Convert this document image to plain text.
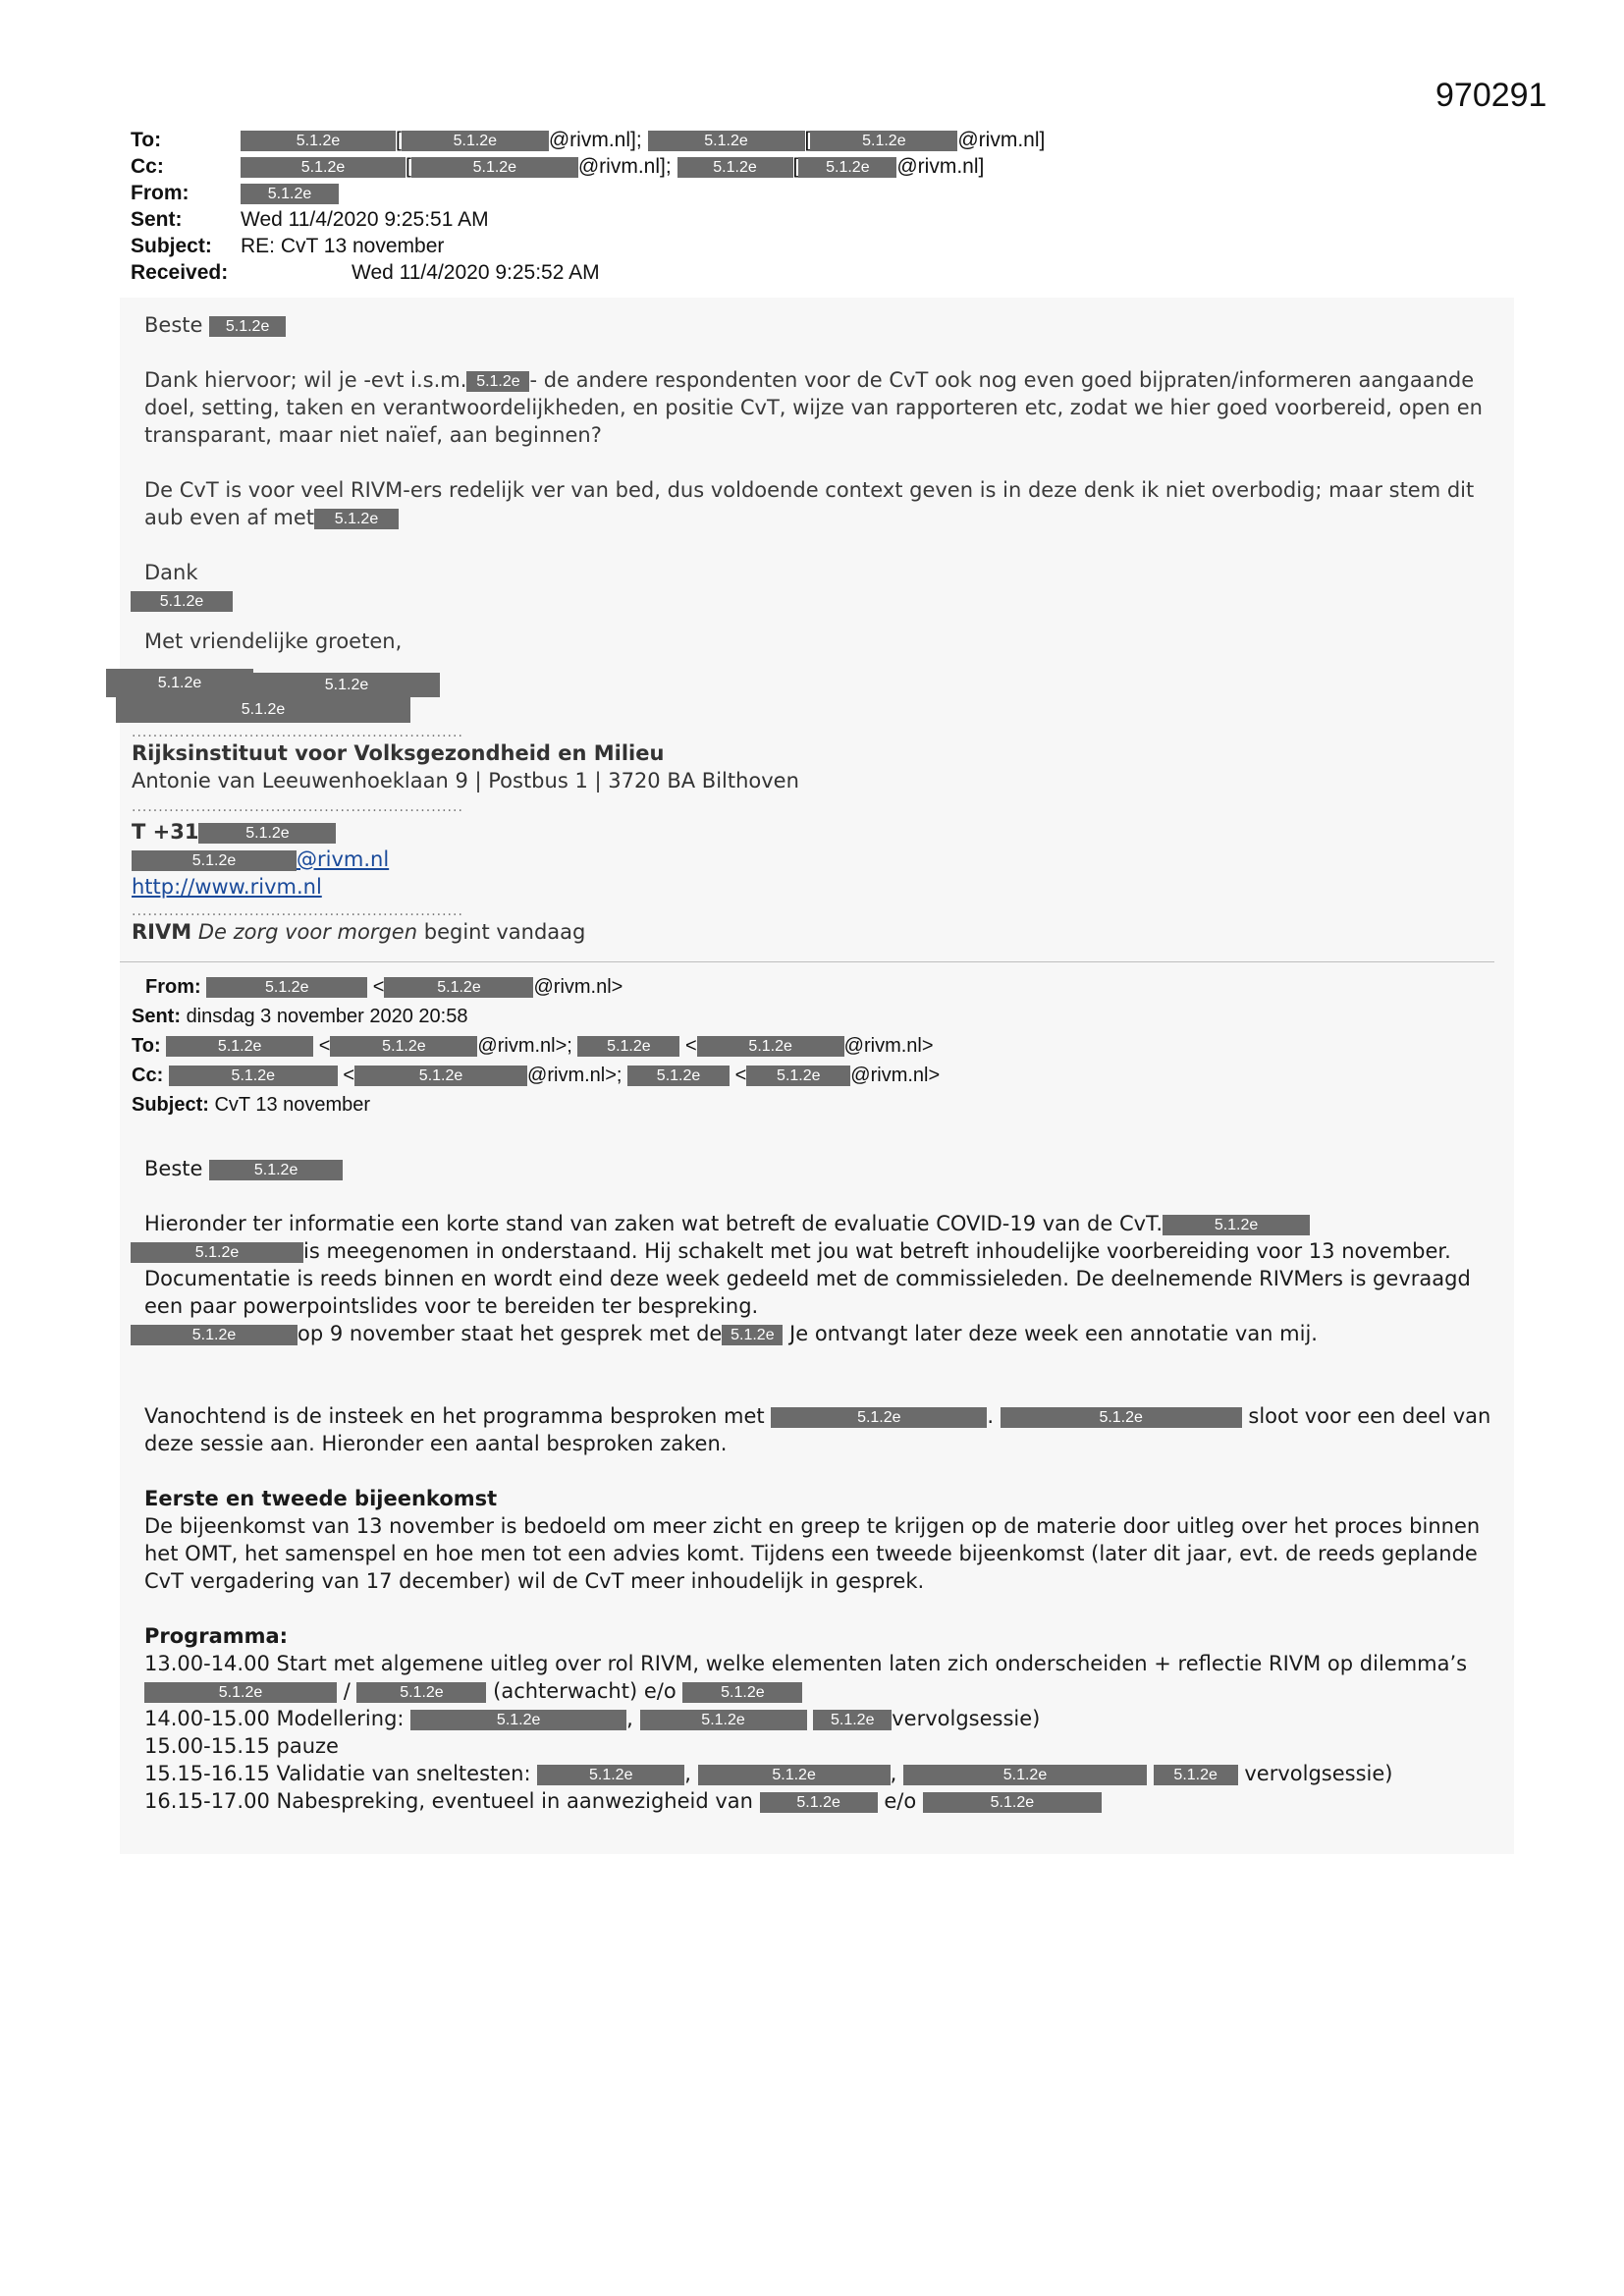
970291
To:	5.1.2e	[	5.1.2e	@rivm.nl];	5.1.2e	[	5.1.2e	@rivm.nl]
Cc:	5.1.2e	[	5.1.2e	@rivm.nl];	5.1.2e [ 5.1.2e @rivm.nl]
From:	5.1.2e
Sent:	Wed 11/4/2020 9:25:51 AM
Subject: RE: CvT 13 november
Received:	Wed 11/4/2020 9:25:52 AM

Beste 5.1.2e

Dank hiervoor; wil je -evt i.s.m. 5.1.2e - de andere respondenten voor de CvT ook nog even goed bijpraten/informeren aangaande doel, setting, taken en verantwoordelijkheden, en positie CvT, wijze van rapporteren etc, zodat we hier goed voorbereid, open en transparant, maar niet naïef, aan beginnen?

De CvT is voor veel RIVM-ers redelijk ver van bed, dus voldoende context geven is in deze denk ik niet overbodig; maar stem dit aub even af met 5.1.2e

Dank
5.1.2e

Met vriendelijke groeten,

5.1.2e	5.1.2e
5.1.2e
..............................................................
Rijksinstituut voor Volksgezondheid en Milieu
Antonie van Leeuwenhoeklaan 9 | Postbus 1 | 3720 BA Bilthoven
..............................................................
T +31	5.1.2e
5.1.2e	@rivm.nl
http://www.rivm.nl
..............................................................
RIVM De zorg voor morgen begint vandaag
From:	5.1.2e	<	5.1.2e	@rivm.nl>
Sent: dinsdag 3 november 2020 20:58
To:	5.1.2e	<	5.1.2e	@rivm.nl>; 5.1.2e <	5.1.2e	@rivm.nl>
Cc:	5.1.2e	<	5.1.2e	@rivm.nl>; 5.1.2e < 5.1.2e @rivm.nl>
Subject: CvT 13 november

Beste	5.1.2e

Hieronder ter informatie een korte stand van zaken wat betreft de evaluatie COVID-19 van de CvT.	5.1.2e
5.1.2e	is meegenomen in onderstaand. Hij schakelt met jou wat betreft inhoudelijke voorbereiding voor 13 november. Documentatie is reeds binnen en wordt eind deze week gedeeld met de commissieleden. De deelnemende RIVMers is gevraagd een paar powerpointslides voor te bereiden ter bespreking.
5.1.2e	op 9 november staat het gesprek met de 5.1.2e Je ontvangt later deze week een annotatie van mij.

Vanochtend is de insteek en het programma besproken met	5.1.2e	.	5.1.2e	sloot voor een deel van deze sessie aan. Hieronder een aantal besproken zaken.

Eerste en tweede bijeenkomst

De bijeenkomst van 13 november is bedoeld om meer zicht en greep te krijgen op de materie door uitleg over het proces binnen het OMT, het samenspel en hoe men tot een advies komt. Tijdens een tweede bijeenkomst (later dit jaar, evt. de reeds geplande CvT vergadering van 17 december) wil de CvT meer inhoudelijk in gesprek.

Programma:
13.00-14.00 Start met algemene uitleg over rol RIVM, welke elementen laten zich onderscheiden + reflectie RIVM op dilemma’s 5.1.2e	/	5.1.2e (achterwacht) e/o	5.1.2e
14.00-15.00 Modellering:	5.1.2e	,	5.1.2e	5.1.2e vervolgsessie)
15.00-15.15 pauze
15.15-16.15 Validatie van sneltesten:	5.1.2e	,	5.1.2e	,	5.1.2e	5.1.2e vervolgsessie)
16.15-17.00 Nabespreking, eventueel in aanwezigheid van	5.1.2e e/o	5.1.2e
